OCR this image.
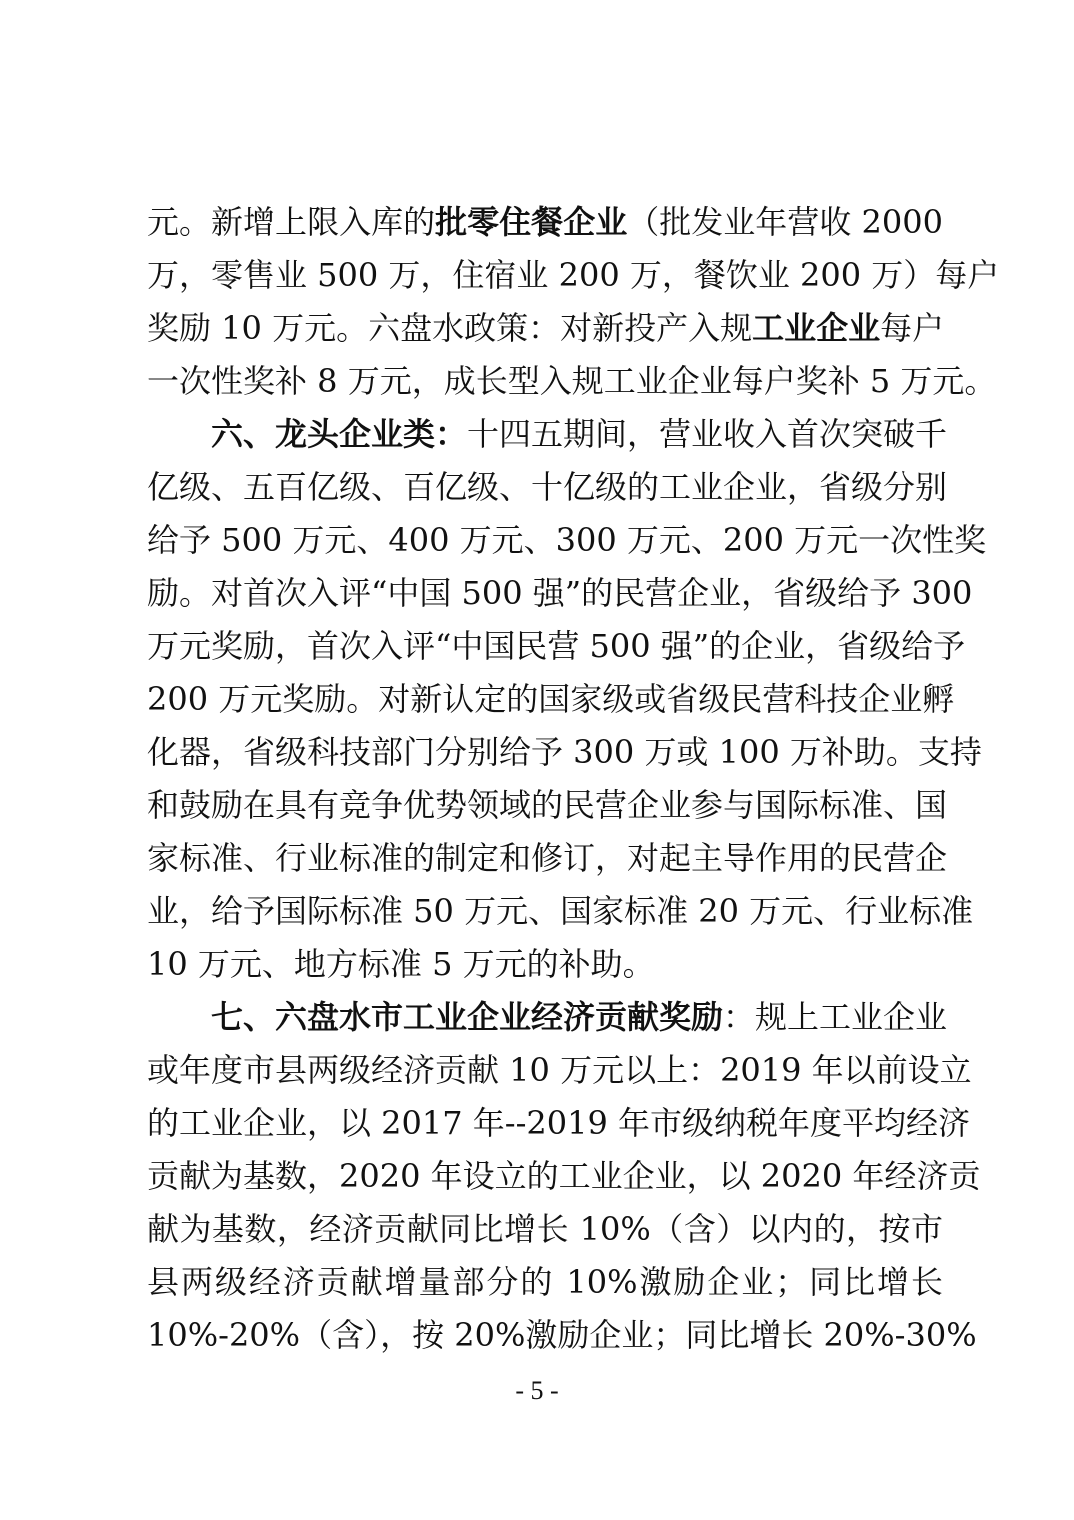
元。新增上限入库的批零住餐企业（批发业年营收 2000
万，零售业 500 万，住宿业 200 万，餐饮业 200 万）每户
奖励 10 万元。六盘水政策：对新投产入规工业企业每户
一次性奖补 8 万元，成长型入规工业企业每户奖补 5 万元。
六、龙头企业类：十四五期间，营业收入首次突破千
亿级、五百亿级、百亿级、十亿级的工业企业，省级分别
给予 500 万元、400 万元、300 万元、200 万元一次性奖
励。对首次入评“中国 500 强”的民营企业，省级给予 300
万元奖励，首次入评“中国民营 500 强”的企业，省级给予
200 万元奖励。对新认定的国家级或省级民营科技企业孵
化器，省级科技部门分别给予 300 万或 100 万补助。支持
和鼓励在具有竞争优势领域的民营企业参与国际标准、国
家标准、行业标准的制定和修订，对起主导作用的民营企
业，给予国际标准 50 万元、国家标准 20 万元、行业标准
10 万元、地方标准 5 万元的补助。
七、六盘水市工业企业经济贡献奖励：规上工业企业
或年度市县两级经济贡献 10 万元以上：2019 年以前设立
的工业企业，以 2017 年--2019 年市级纳税年度平均经济
贡献为基数，2020 年设立的工业企业，以 2020 年经济贡
献为基数，经济贡献同比增长 10%（含）以内的，按市
县两级经济贡献增量部分的 10%激励企业；同比增长
10%-20%（含），按 20%激励企业；同比增长 20%-30%
- 5 -
